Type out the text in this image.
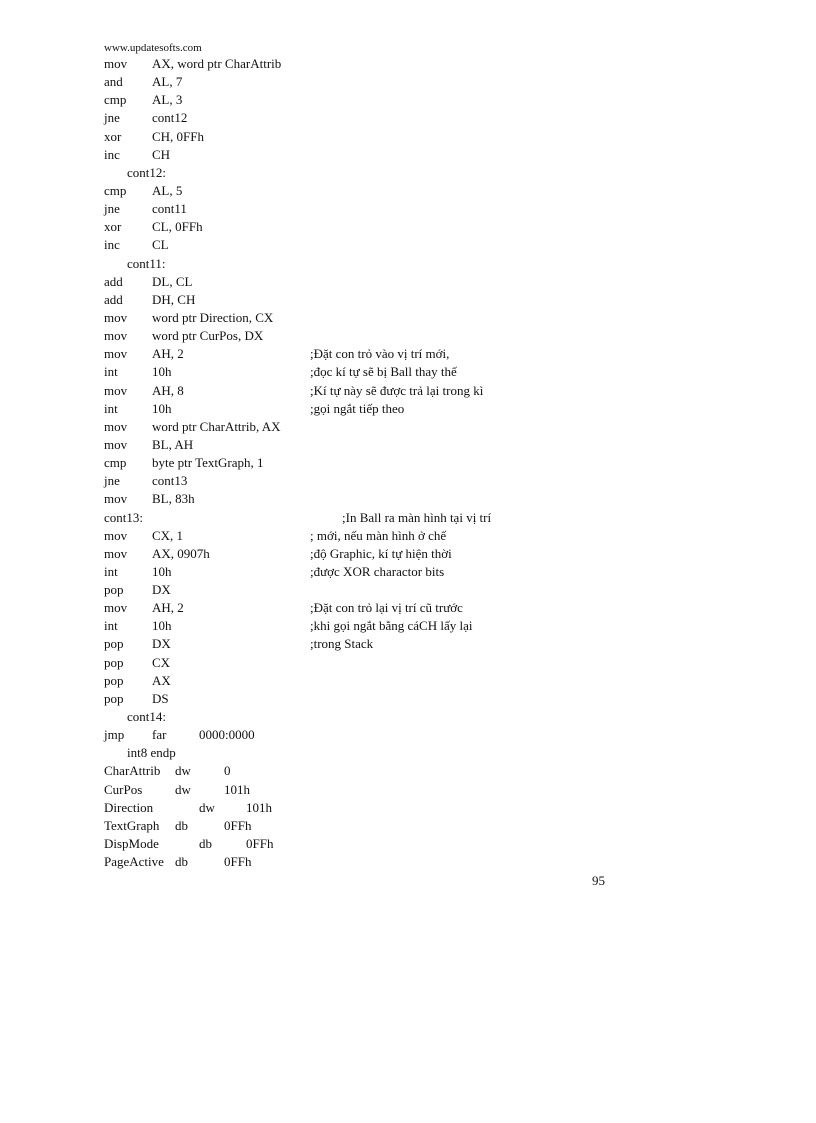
www.updatesofts.com
mov AX, word ptr CharAttrib
and AL, 7
cmp AL, 3
jne cont12
xor CH, 0FFh
inc CH
cont12:
cmp AL, 5
jne cont11
xor CL, 0FFh
inc CL
cont11:
add DL, CL
add DH, CH
mov word ptr Direction, CX
mov word ptr CurPos, DX
mov AH, 2	;Đặt con trỏ vào vị trí mới,
int	10h	;đọc kí tự sẽ bị Ball thay thế
mov AH, 8	;Kí tự này sẽ được trả lại trong kì
int	10h	;gọi ngắt tiếp theo
mov word ptr CharAttrib, AX
mov BL, AH
cmp byte ptr TextGraph, 1
jne cont13
mov BL, 83h
cont13:	;In Ball ra màn hình tại vị trí
mov CX, 1	; mới, nếu màn hình ở chế
mov AX, 0907h	;độ Graphic, kí tự hiện thời
int	10h	;được XOR charactor bits
pop DX
mov AH, 2	;Đặt con trỏ lại vị trí cũ trước
int	10h	;khi gọi ngắt bằng cáCH lấy lại
pop DX	;trong Stack
pop CX
pop AX
pop DS
cont14:
jmp far	0000:0000
int8 endp
CharAttrib dw	0
CurPos	dw	101h
Direction	dw 101h
TextGraph db	0FFh
DispMode	db	0FFh
PageActive db	0FFh
95
